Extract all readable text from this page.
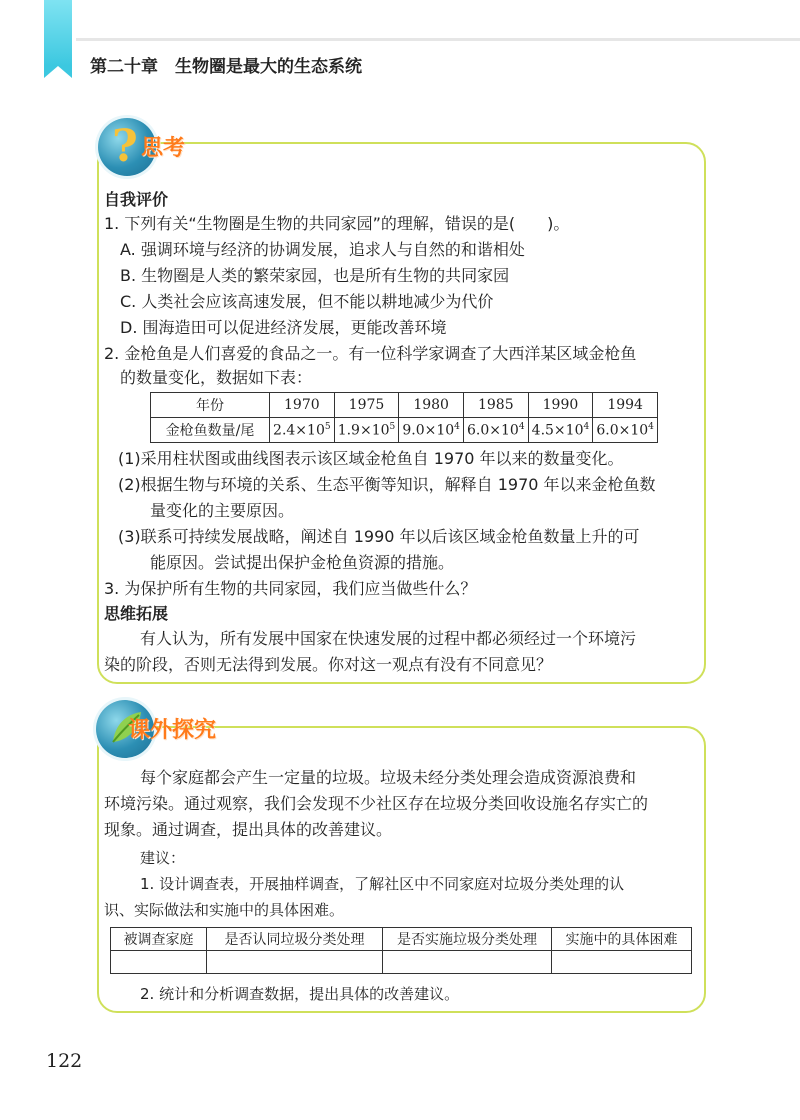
第二十章　生物圈是最大的生态系统
? 思考
自我评价
1. 下列有关“生物圈是生物的共同家园”的理解，错误的是(　　)。
A. 强调环境与经济的协调发展，追求人与自然的和谐相处
B. 生物圈是人类的繁荣家园，也是所有生物的共同家园
C. 人类社会应该高速发展，但不能以耕地减少为代价
D. 围海造田可以促进经济发展，更能改善环境
2. 金枪鱼是人们喜爱的食品之一。有一位科学家调查了大西洋某区域金枪鱼
的数量变化，数据如下表：
年份	1970	1975	1980	1985	1990	1994
金枪鱼数量/尾	$2.4\times 10^5$	$1.9\times 10^5$	$9.0\times 10^4$	$6.0\times 10^4$	$4.5\times 10^4$	$6.0\times 10^4$
(1)采用柱状图或曲线图表示该区域金枪鱼自 1970 年以来的数量变化。
(2)根据生物与环境的关系、生态平衡等知识，解释自 1970 年以来金枪鱼数
量变化的主要原因。
(3)联系可持续发展战略，阐述自 1990 年以后该区域金枪鱼数量上升的可
能原因。尝试提出保护金枪鱼资源的措施。
3. 为保护所有生物的共同家园，我们应当做些什么？
思维拓展
有人认为，所有发展中国家在快速发展的过程中都必须经过一个环境污
染的阶段，否则无法得到发展。你对这一观点有没有不同意见？
课外探究
每个家庭都会产生一定量的垃圾。垃圾未经分类处理会造成资源浪费和
环境污染。通过观察，我们会发现不少社区存在垃圾分类回收设施名存实亡的
现象。通过调查，提出具体的改善建议。
建议：
1. 设计调查表，开展抽样调查，了解社区中不同家庭对垃圾分类处理的认
识、实际做法和实施中的具体困难。
被调查家庭	是否认同垃圾分类处理	是否实施垃圾分类处理	实施中的具体困难

2. 统计和分析调查数据，提出具体的改善建议。
122
